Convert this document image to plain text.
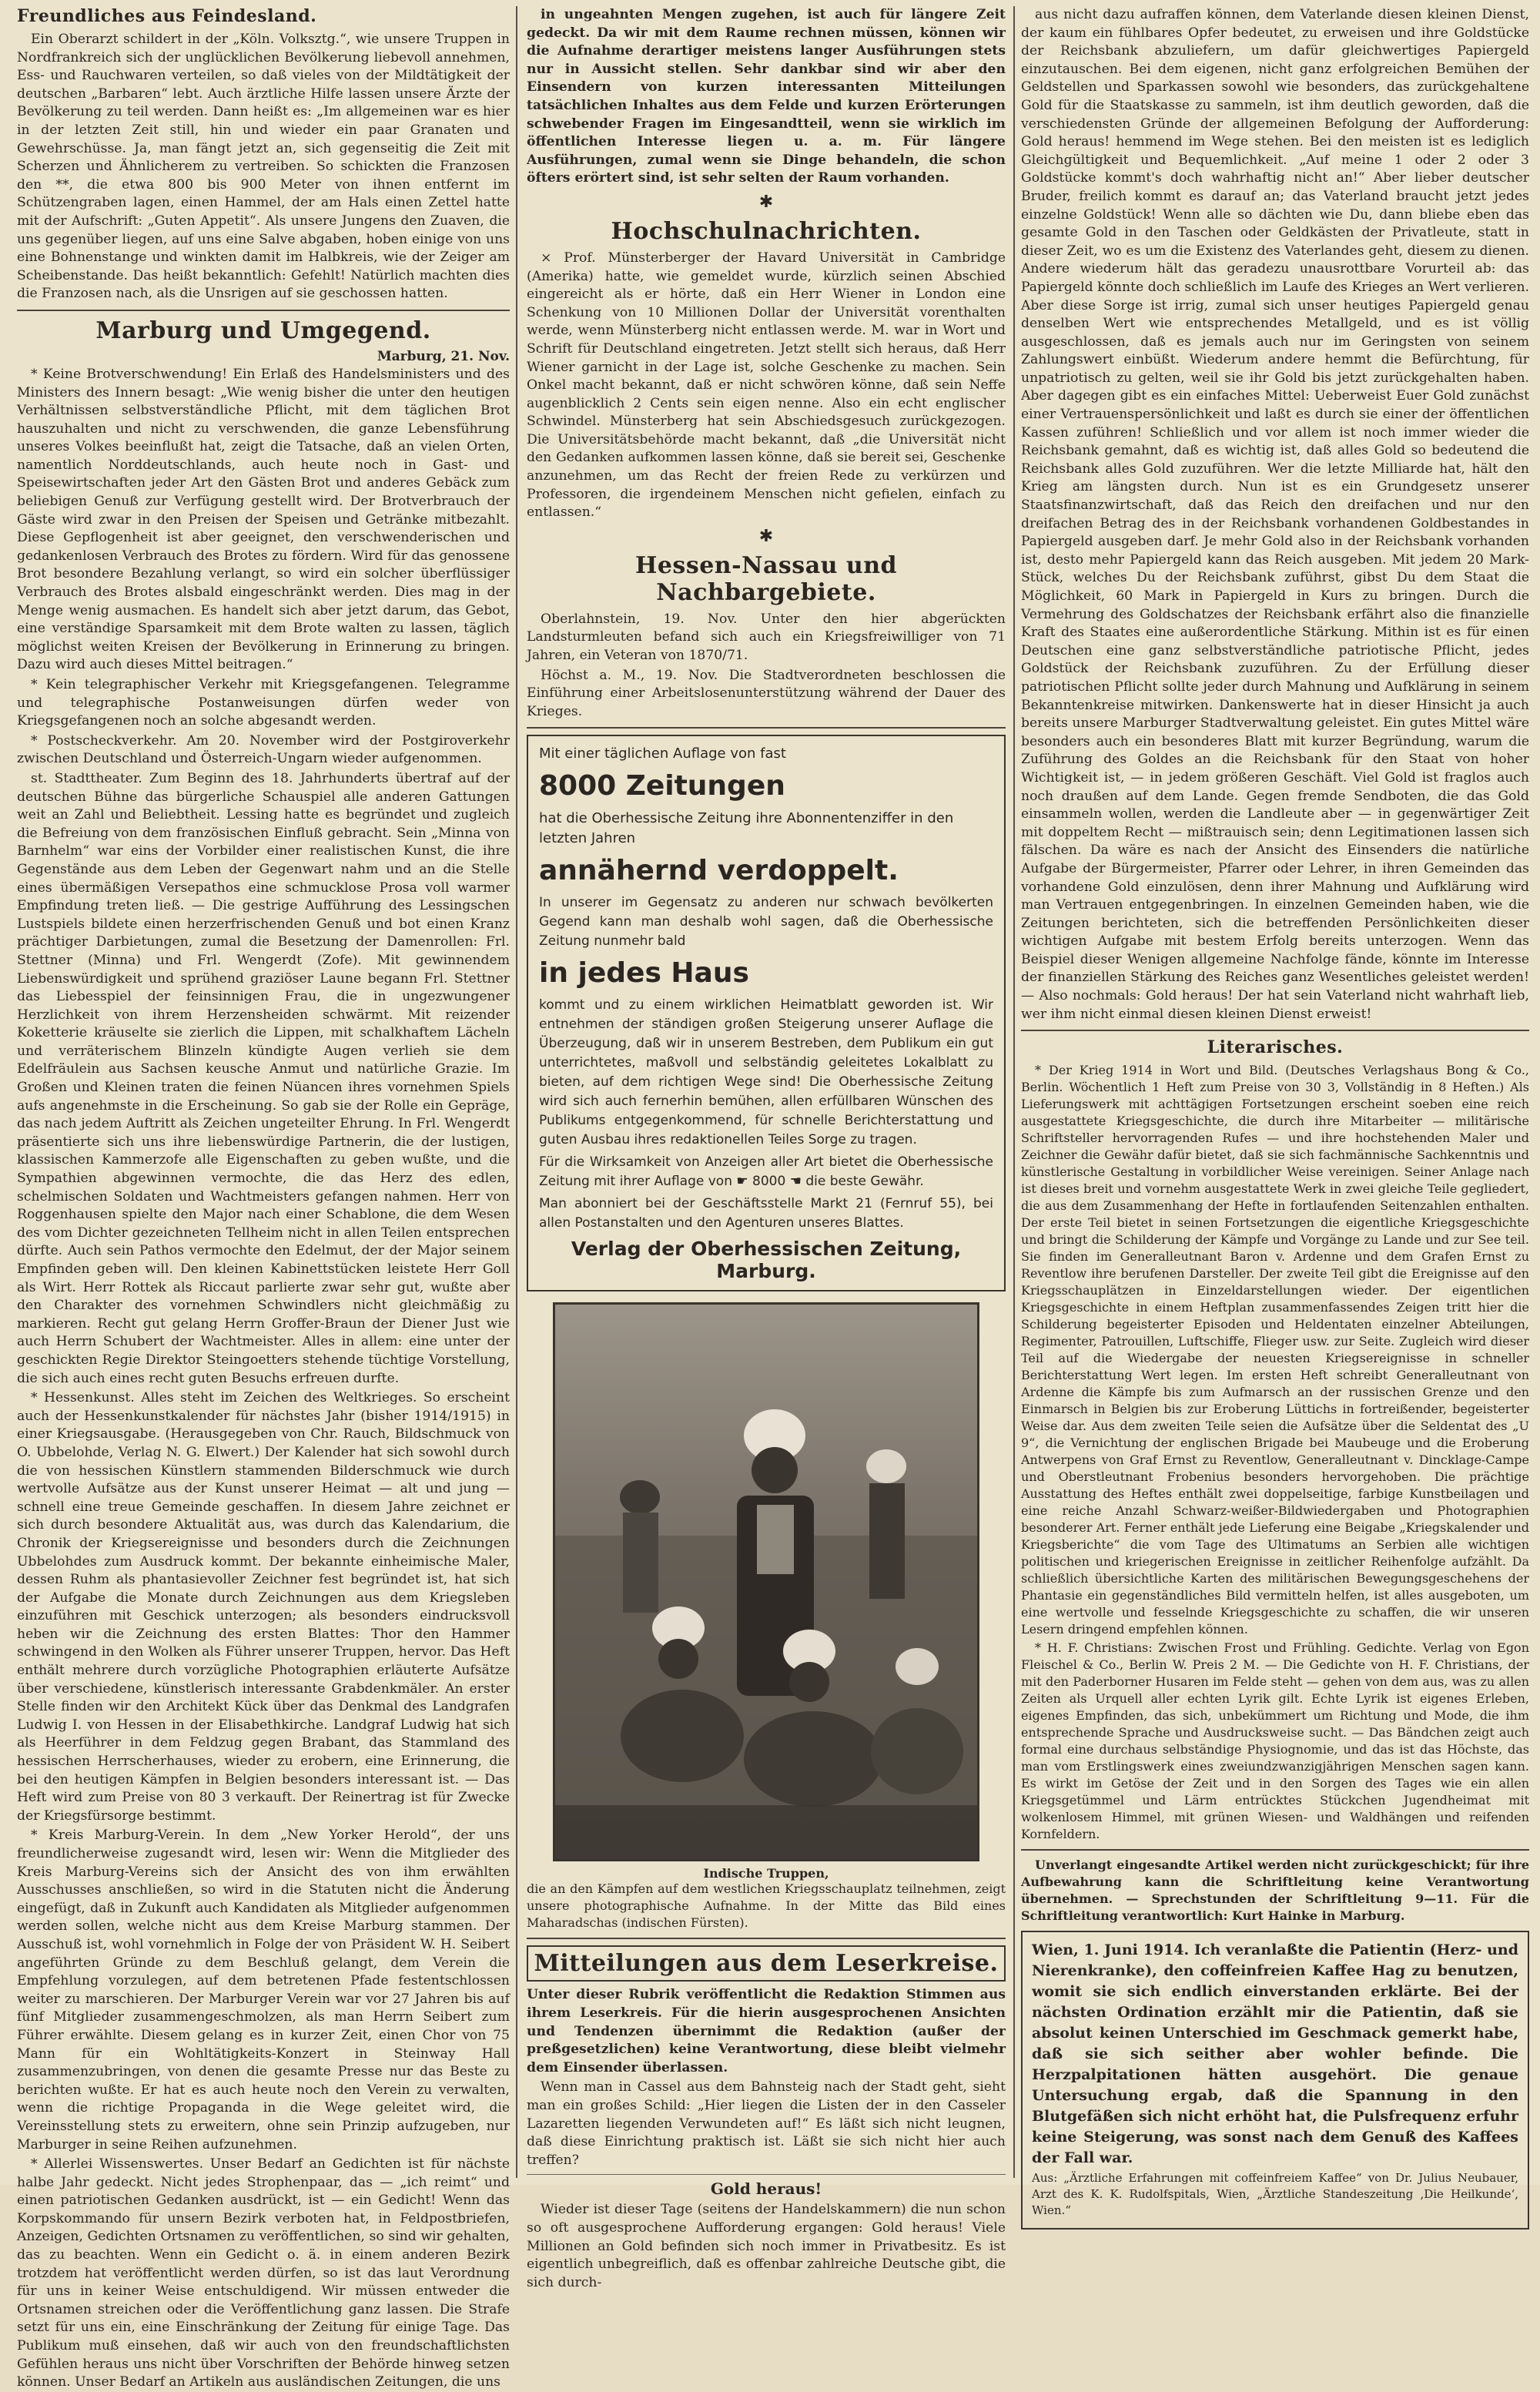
Freundliches aus Feindesland.

Ein Oberarzt schildert in der „Köln. Volksztg.“, wie unsere Truppen in Nordfrankreich sich der unglücklichen Bevölkerung liebevoll annehmen, Ess- und Rauchwaren verteilen, so daß vieles von der Mildtätigkeit der deutschen „Barbaren“ lebt. Auch ärztliche Hilfe lassen unsere Ärzte der Bevölkerung zu teil werden. Dann heißt es: „Im allgemeinen war es hier in der letzten Zeit still, hin und wieder ein paar Granaten und Gewehrschüsse. Ja, man fängt jetzt an, sich gegenseitig die Zeit mit Scherzen und Ähnlicherem zu vertreiben. So schickten die Franzosen den **, die etwa 800 bis 900 Meter von ihnen entfernt im Schützengraben lagen, einen Hammel, der am Hals einen Zettel hatte mit der Aufschrift: „Guten Appetit“. Als unsere Jungens den Zuaven, die uns gegenüber liegen, auf uns eine Salve abgaben, hoben einige von uns eine Bohnenstange und winkten damit im Halbkreis, wie der Zeiger am Scheibenstande. Das heißt bekanntlich: Gefehlt! Natürlich machten dies die Franzosen nach, als die Unsrigen auf sie geschossen hatten.

Marburg und Umgegend.
Marburg, 21. Nov.

* Keine Brotverschwendung! Ein Erlaß des Handelsministers und des Ministers des Innern besagt: „Wie wenig bisher die unter den heutigen Verhältnissen selbstverständliche Pflicht, mit dem täglichen Brot hauszuhalten und nicht zu verschwenden, die ganze Lebensführung unseres Volkes beeinflußt hat, zeigt die Tatsache, daß an vielen Orten, namentlich Norddeutschlands, auch heute noch in Gast- und Speisewirtschaften jeder Art den Gästen Brot und anderes Gebäck zum beliebigen Genuß zur Verfügung gestellt wird. Der Brotverbrauch der Gäste wird zwar in den Preisen der Speisen und Getränke mitbezahlt. Diese Gepflogenheit ist aber geeignet, den verschwenderischen und gedankenlosen Verbrauch des Brotes zu fördern. Wird für das genossene Brot besondere Bezahlung verlangt, so wird ein solcher überflüssiger Verbrauch des Brotes alsbald eingeschränkt werden. Dies mag in der Menge wenig ausmachen. Es handelt sich aber jetzt darum, das Gebot, eine verständige Sparsamkeit mit dem Brote walten zu lassen, täglich möglichst weiten Kreisen der Bevölkerung in Erinnerung zu bringen. Dazu wird auch dieses Mittel beitragen.“

* Kein telegraphischer Verkehr mit Kriegsgefangenen. Telegramme und telegraphische Postanweisungen dürfen weder von Kriegsgefangenen noch an solche abgesandt werden.

* Postscheckverkehr. Am 20. November wird der Postgiroverkehr zwischen Deutschland und Österreich-Ungarn wieder aufgenommen.

st. Stadttheater. Zum Beginn des 18. Jahrhunderts übertraf auf der deutschen Bühne das bürgerliche Schauspiel alle anderen Gattungen weit an Zahl und Beliebtheit. Lessing hatte es begründet und zugleich die Befreiung von dem französischen Einfluß gebracht. Sein „Minna von Barnhelm“ war eins der Vorbilder einer realistischen Kunst, die ihre Gegenstände aus dem Leben der Gegenwart nahm und an die Stelle eines übermäßigen Versepathos eine schmucklose Prosa voll warmer Empfindung treten ließ. — Die gestrige Aufführung des Lessingschen Lustspiels bildete einen herzerfrischenden Genuß und bot einen Kranz prächtiger Darbietungen, zumal die Besetzung der Damenrollen: Frl. Stettner (Minna) und Frl. Wengerdt (Zofe). Mit gewinnendem Liebenswürdigkeit und sprühend graziöser Laune begann Frl. Stettner das Liebesspiel der feinsinnigen Frau, die in ungezwungener Herzlichkeit von ihrem Herzensheiden schwärmt. Mit reizender Koketterie kräuselte sie zierlich die Lippen, mit schalkhaftem Lächeln und verräterischem Blinzeln kündigte Augen verlieh sie dem Edelfräulein aus Sachsen keusche Anmut und natürliche Grazie. Im Großen und Kleinen traten die feinen Nüancen ihres vornehmen Spiels aufs angenehmste in die Erscheinung. So gab sie der Rolle ein Gepräge, das nach jedem Auftritt als Zeichen ungeteilter Ehrung. In Frl. Wengerdt präsentierte sich uns ihre liebenswürdige Partnerin, die der lustigen, klassischen Kammerzofe alle Eigenschaften zu geben wußte, und die Sympathien abgewinnen vermochte, die das Herz des edlen, schelmischen Soldaten und Wachtmeisters gefangen nahmen. Herr von Roggenhausen spielte den Major nach einer Schablone, die dem Wesen des vom Dichter gezeichneten Tellheim nicht in allen Teilen entsprechen dürfte. Auch sein Pathos vermochte den Edelmut, der der Major seinem Empfinden geben will. Den kleinen Kabinettstücken leistete Herr Goll als Wirt. Herr Rottek als Riccaut parlierte zwar sehr gut, wußte aber den Charakter des vornehmen Schwindlers nicht gleichmäßig zu markieren. Recht gut gelang Herrn Groffer-Braun der Diener Just wie auch Herrn Schubert der Wachtmeister. Alles in allem: eine unter der geschickten Regie Direktor Steingoetters stehende tüchtige Vorstellung, die sich auch eines recht guten Besuchs erfreuen durfte.

* Hessenkunst. Alles steht im Zeichen des Weltkrieges. So erscheint auch der Hessenkunstkalender für nächstes Jahr (bisher 1914/1915) in einer Kriegsausgabe. (Herausgegeben von Chr. Rauch, Bildschmuck von O. Ubbelohde, Verlag N. G. Elwert.) Der Kalender hat sich sowohl durch die von hessischen Künstlern stammenden Bilderschmuck wie durch wertvolle Aufsätze aus der Kunst unserer Heimat — alt und jung — schnell eine treue Gemeinde geschaffen. In diesem Jahre zeichnet er sich durch besondere Aktualität aus, was durch das Kalendarium, die Chronik der Kriegsereignisse und besonders durch die Zeichnungen Ubbelohdes zum Ausdruck kommt. Der bekannte einheimische Maler, dessen Ruhm als phantasievoller Zeichner fest begründet ist, hat sich der Aufgabe die Monate durch Zeichnungen aus dem Kriegsleben einzuführen mit Geschick unterzogen; als besonders eindrucksvoll heben wir die Zeichnung des ersten Blattes: Thor den Hammer schwingend in den Wolken als Führer unserer Truppen, hervor. Das Heft enthält mehrere durch vorzügliche Photographien erläuterte Aufsätze über verschiedene, künstlerisch interessante Grabdenkmäler. An erster Stelle finden wir den Architekt Kück über das Denkmal des Landgrafen Ludwig I. von Hessen in der Elisabethkirche. Landgraf Ludwig hat sich als Heerführer in dem Feldzug gegen Brabant, das Stammland des hessischen Herrscherhauses, wieder zu erobern, eine Erinnerung, die bei den heutigen Kämpfen in Belgien besonders interessant ist. — Das Heft wird zum Preise von 80 3 verkauft. Der Reinertrag ist für Zwecke der Kriegsfürsorge bestimmt.

* Kreis Marburg-Verein. In dem „New Yorker Herold“, der uns freundlicherweise zugesandt wird, lesen wir: Wenn die Mitglieder des Kreis Marburg-Vereins sich der Ansicht des von ihm erwählten Ausschusses anschließen, so wird in die Statuten nicht die Änderung eingefügt, daß in Zukunft auch Kandidaten als Mitglieder aufgenommen werden sollen, welche nicht aus dem Kreise Marburg stammen. Der Ausschuß ist, wohl vornehmlich in Folge der von Präsident W. H. Seibert angeführten Gründe zu dem Beschluß gelangt, dem Verein die Empfehlung vorzulegen, auf dem betretenen Pfade festentschlossen weiter zu marschieren. Der Marburger Verein war vor 27 Jahren bis auf fünf Mitglieder zusammengeschmolzen, als man Herrn Seibert zum Führer erwählte. Diesem gelang es in kurzer Zeit, einen Chor von 75 Mann für ein Wohltätigkeits-Konzert in Steinway Hall zusammenzubringen, von denen die gesamte Presse nur das Beste zu berichten wußte. Er hat es auch heute noch den Verein zu verwalten, wenn die richtige Propaganda in die Wege geleitet wird, die Vereinsstellung stets zu erweitern, ohne sein Prinzip aufzugeben, nur Marburger in seine Reihen aufzunehmen.

* Allerlei Wissenswertes. Unser Bedarf an Gedichten ist für nächste halbe Jahr gedeckt. Nicht jedes Strophenpaar, das — „ich reimt“ und einen patriotischen Gedanken ausdrückt, ist — ein Gedicht! Wenn das Korpskommando für unsern Bezirk verboten hat, in Feldpostbriefen, Anzeigen, Gedichten Ortsnamen zu veröffentlichen, so sind wir gehalten, das zu beachten. Wenn ein Gedicht o. ä. in einem anderen Bezirk trotzdem hat veröffentlicht werden dürfen, so ist das laut Verordnung für uns in keiner Weise entschuldigend. Wir müssen entweder die Ortsnamen streichen oder die Veröffentlichung ganz lassen. Die Strafe setzt für uns ein, eine Einschränkung der Zeitung für einige Tage. Das Publikum muß einsehen, daß wir auch von den freundschaftlichsten Gefühlen heraus uns nicht über Vorschriften der Behörde hinweg setzen können. Unser Bedarf an Artikeln aus ausländischen Zeitungen, die uns

in ungeahnten Mengen zugehen, ist auch für längere Zeit gedeckt. Da wir mit dem Raume rechnen müssen, können wir die Aufnahme derartiger meistens langer Ausführungen stets nur in Aussicht stellen. Sehr dankbar sind wir aber den Einsendern von kurzen interessanten Mitteilungen tatsächlichen Inhaltes aus dem Felde und kurzen Erörterungen schwebender Fragen im Eingesandtteil, wenn sie wirklich im öffentlichen Interesse liegen u. a. m. Für längere Ausführungen, zumal wenn sie Dinge behandeln, die schon öfters erörtert sind, ist sehr selten der Raum vorhanden.

✱
Hochschulnachrichten.

× Prof. Münsterberger der Havard Universität in Cambridge (Amerika) hatte, wie gemeldet wurde, kürzlich seinen Abschied eingereicht als er hörte, daß ein Herr Wiener in London eine Schenkung von 10 Millionen Dollar der Universität vorenthalten werde, wenn Münsterberg nicht entlassen werde. M. war in Wort und Schrift für Deutschland eingetreten. Jetzt stellt sich heraus, daß Herr Wiener garnicht in der Lage ist, solche Geschenke zu machen. Sein Onkel macht bekannt, daß er nicht schwören könne, daß sein Neffe augenblicklich 2 Cents sein eigen nenne. Also ein echt englischer Schwindel. Münsterberg hat sein Abschiedsgesuch zurückgezogen. Die Universitätsbehörde macht bekannt, daß „die Universität nicht den Gedanken aufkommen lassen könne, daß sie bereit sei, Geschenke anzunehmen, um das Recht der freien Rede zu verkürzen und Professoren, die irgendeinem Menschen nicht gefielen, einfach zu entlassen.“

✱
Hessen-Nassau und Nachbargebiete.

Oberlahnstein, 19. Nov. Unter den hier abgerückten Landsturmleuten befand sich auch ein Kriegsfreiwilliger von 71 Jahren, ein Veteran von 1870/71.

Höchst a. M., 19. Nov. Die Stadtverordneten beschlossen die Einführung einer Arbeitslosenunterstützung während der Dauer des Krieges.

Mit einer täglichen Auflage von fast
8000 Zeitungen
hat die Oberhessische Zeitung ihre Abonnentenziffer in den letzten Jahren
annähernd verdoppelt.
In unserer im Gegensatz zu anderen nur schwach bevölkerten Gegend kann man deshalb wohl sagen, daß die Oberhessische Zeitung nunmehr bald
in jedes Haus
kommt und zu einem wirklichen Heimatblatt geworden ist. Wir entnehmen der ständigen großen Steigerung unserer Auflage die Überzeugung, daß wir in unserem Bestreben, dem Publikum ein gut unterrichtetes, maßvoll und selbständig geleitetes Lokalblatt zu bieten, auf dem richtigen Wege sind! Die Oberhessische Zeitung wird sich auch fernerhin bemühen, allen erfüllbaren Wünschen des Publikums entgegenkommend, für schnelle Berichterstattung und guten Ausbau ihres redaktionellen Teiles Sorge zu tragen.
Für die Wirksamkeit von Anzeigen aller Art bietet die Oberhessische Zeitung mit ihrer Auflage von ☛ 8000 ☚ die beste Gewähr.
Man abonniert bei der Geschäftsstelle Markt 21 (Fernruf 55), bei allen Postanstalten und den Agenturen unseres Blattes.
Verlag der Oberhessischen Zeitung, Marburg.
Indische Truppen,
die an den Kämpfen auf dem westlichen Kriegsschauplatz teilnehmen, zeigt unsere photographische Aufnahme. In der Mitte das Bild eines Maharadschas (indischen Fürsten).
Mitteilungen aus dem Leserkreise.

Unter dieser Rubrik veröffentlicht die Redaktion Stimmen aus ihrem Leserkreis. Für die hierin ausgesprochenen Ansichten und Tendenzen übernimmt die Redaktion (außer der preßgesetzlichen) keine Verantwortung, diese bleibt vielmehr dem Einsender überlassen.

Wenn man in Cassel aus dem Bahnsteig nach der Stadt geht, sieht man ein großes Schild: „Hier liegen die Listen der in den Casseler Lazaretten liegenden Verwundeten auf!“ Es läßt sich nicht leugnen, daß diese Einrichtung praktisch ist. Läßt sie sich nicht hier auch treffen?

Gold heraus!

Wieder ist dieser Tage (seitens der Handelskammern) die nun schon so oft ausgesprochene Aufforderung ergangen: Gold heraus! Viele Millionen an Gold befinden sich noch immer in Privatbesitz. Es ist eigentlich unbegreiflich, daß es offenbar zahlreiche Deutsche gibt, die sich durch-

aus nicht dazu aufraffen können, dem Vaterlande diesen kleinen Dienst, der kaum ein fühlbares Opfer bedeutet, zu erweisen und ihre Goldstücke der Reichsbank abzuliefern, um dafür gleichwertiges Papiergeld einzutauschen. Bei dem eigenen, nicht ganz erfolgreichen Bemühen der Geldstellen und Sparkassen sowohl wie besonders, das zurückgehaltene Gold für die Staatskasse zu sammeln, ist ihm deutlich geworden, daß die verschiedensten Gründe der allgemeinen Befolgung der Aufforderung: Gold heraus! hemmend im Wege stehen. Bei den meisten ist es lediglich Gleichgültigkeit und Bequemlichkeit. „Auf meine 1 oder 2 oder 3 Goldstücke kommt's doch wahrhaftig nicht an!“ Aber lieber deutscher Bruder, freilich kommt es darauf an; das Vaterland braucht jetzt jedes einzelne Goldstück! Wenn alle so dächten wie Du, dann bliebe eben das gesamte Gold in den Taschen oder Geldkästen der Privatleute, statt in dieser Zeit, wo es um die Existenz des Vaterlandes geht, diesem zu dienen. Andere wiederum hält das geradezu unausrottbare Vorurteil ab: das Papiergeld könnte doch schließlich im Laufe des Krieges an Wert verlieren. Aber diese Sorge ist irrig, zumal sich unser heutiges Papiergeld genau denselben Wert wie entsprechendes Metallgeld, und es ist völlig ausgeschlossen, daß es jemals auch nur im Geringsten von seinem Zahlungswert einbüßt. Wiederum andere hemmt die Befürchtung, für unpatriotisch zu gelten, weil sie ihr Gold bis jetzt zurückgehalten haben. Aber dagegen gibt es ein einfaches Mittel: Ueberweist Euer Gold zunächst einer Vertrauenspersönlichkeit und laßt es durch sie einer der öffentlichen Kassen zuführen! Schließlich und vor allem ist noch immer wieder die Reichsbank gemahnt, daß es wichtig ist, daß alles Gold so bedeutend die Reichsbank alles Gold zuzuführen. Wer die letzte Milliarde hat, hält den Krieg am längsten durch. Nun ist es ein Grundgesetz unserer Staatsfinanzwirtschaft, daß das Reich den dreifachen und nur den dreifachen Betrag des in der Reichsbank vorhandenen Goldbestandes in Papiergeld ausgeben darf. Je mehr Gold also in der Reichsbank vorhanden ist, desto mehr Papiergeld kann das Reich ausgeben. Mit jedem 20 Mark-Stück, welches Du der Reichsbank zuführst, gibst Du dem Staat die Möglichkeit, 60 Mark in Papiergeld in Kurs zu bringen. Durch die Vermehrung des Goldschatzes der Reichsbank erfährt also die finanzielle Kraft des Staates eine außerordentliche Stärkung. Mithin ist es für einen Deutschen eine ganz selbstverständliche patriotische Pflicht, jedes Goldstück der Reichsbank zuzuführen. Zu der Erfüllung dieser patriotischen Pflicht sollte jeder durch Mahnung und Aufklärung in seinem Bekanntenkreise mitwirken. Dankenswerte hat in dieser Hinsicht ja auch bereits unsere Marburger Stadtverwaltung geleistet. Ein gutes Mittel wäre besonders auch ein besonderes Blatt mit kurzer Begründung, warum die Zuführung des Goldes an die Reichsbank für den Staat von hoher Wichtigkeit ist, — in jedem größeren Geschäft. Viel Gold ist fraglos auch noch draußen auf dem Lande. Gegen fremde Sendboten, die das Gold einsammeln wollen, werden die Landleute aber — in gegenwärtiger Zeit mit doppeltem Recht — mißtrauisch sein; denn Legitimationen lassen sich fälschen. Da wäre es nach der Ansicht des Einsenders die natürliche Aufgabe der Bürgermeister, Pfarrer oder Lehrer, in ihren Gemeinden das vorhandene Gold einzulösen, denn ihrer Mahnung und Aufklärung wird man Vertrauen entgegenbringen. In einzelnen Gemeinden haben, wie die Zeitungen berichteten, sich die betreffenden Persönlichkeiten dieser wichtigen Aufgabe mit bestem Erfolg bereits unterzogen. Wenn das Beispiel dieser Wenigen allgemeine Nachfolge fände, könnte im Interesse der finanziellen Stärkung des Reiches ganz Wesentliches geleistet werden! — Also nochmals: Gold heraus! Der hat sein Vaterland nicht wahrhaft lieb, wer ihm nicht einmal diesen kleinen Dienst erweist!

Literarisches.

* Der Krieg 1914 in Wort und Bild. (Deutsches Verlagshaus Bong & Co., Berlin. Wöchentlich 1 Heft zum Preise von 30 3, Vollständig in 8 Heften.) Als Lieferungswerk mit achttägigen Fortsetzungen erscheint soeben eine reich ausgestattete Kriegsgeschichte, die durch ihre Mitarbeiter — militärische Schriftsteller hervorragenden Rufes — und ihre hochstehenden Maler und Zeichner die Gewähr dafür bietet, daß sie sich fachmännische Sachkenntnis und künstlerische Gestaltung in vorbildlicher Weise vereinigen. Seiner Anlage nach ist dieses breit und vornehm ausgestattete Werk in zwei gleiche Teile gegliedert, die aus dem Zusammenhang der Hefte in fortlaufenden Seitenzahlen enthalten. Der erste Teil bietet in seinen Fortsetzungen die eigentliche Kriegsgeschichte und bringt die Schilderung der Kämpfe und Vorgänge zu Lande und zur See teil. Sie finden im Generalleutnant Baron v. Ardenne und dem Grafen Ernst zu Reventlow ihre berufenen Darsteller. Der zweite Teil gibt die Ereignisse auf den Kriegsschauplätzen in Einzeldarstellungen wieder. Der eigentlichen Kriegsgeschichte in einem Heftplan zusammenfassendes Zeigen tritt hier die Schilderung begeisterter Episoden und Heldentaten einzelner Abteilungen, Regimenter, Patrouillen, Luftschiffe, Flieger usw. zur Seite. Zugleich wird dieser Teil auf die Wiedergabe der neuesten Kriegsereignisse in schneller Berichterstattung Wert legen. Im ersten Heft schreibt Generalleutnant von Ardenne die Kämpfe bis zum Aufmarsch an der russischen Grenze und den Einmarsch in Belgien bis zur Eroberung Lüttichs in fortreißender, begeisterter Weise dar. Aus dem zweiten Teile seien die Aufsätze über die Seldentat des „U 9“, die Vernichtung der englischen Brigade bei Maubeuge und die Eroberung Antwerpens von Graf Ernst zu Reventlow, Generalleutnant v. Dincklage-Campe und Oberstleutnant Frobenius besonders hervorgehoben. Die prächtige Ausstattung des Heftes enthält zwei doppelseitige, farbige Kunstbeilagen und eine reiche Anzahl Schwarz-weißer-Bildwiedergaben und Photographien besonderer Art. Ferner enthält jede Lieferung eine Beigabe „Kriegskalender und Kriegsberichte“ die vom Tage des Ultimatums an Serbien alle wichtigen politischen und kriegerischen Ereignisse in zeitlicher Reihenfolge aufzählt. Da schließlich übersichtliche Karten des militärischen Bewegungsgeschehens der Phantasie ein gegenständliches Bild vermitteln helfen, ist alles ausgeboten, um eine wertvolle und fesselnde Kriegsgeschichte zu schaffen, die wir unseren Lesern dringend empfehlen können.

* H. F. Christians: Zwischen Frost und Frühling. Gedichte. Verlag von Egon Fleischel & Co., Berlin W. Preis 2 M. — Die Gedichte von H. F. Christians, der mit den Paderborner Husaren im Felde steht — gehen von dem aus, was zu allen Zeiten als Urquell aller echten Lyrik gilt. Echte Lyrik ist eigenes Erleben, eigenes Empfinden, das sich, unbekümmert um Richtung und Mode, die ihm entsprechende Sprache und Ausdrucksweise sucht. — Das Bändchen zeigt auch formal eine durchaus selbständige Physiognomie, und das ist das Höchste, das man vom Erstlingswerk eines zweiundzwanzigjährigen Menschen sagen kann. Es wirkt im Getöse der Zeit und in den Sorgen des Tages wie ein allen Kriegsgetümmel und Lärm entrücktes Stückchen Jugendheimat mit wolkenlosem Himmel, mit grünen Wiesen- und Waldhängen und reifenden Kornfeldern.

Unverlangt eingesandte Artikel werden nicht zurückgeschickt; für ihre Aufbewahrung kann die Schriftleitung keine Verantwortung übernehmen. — Sprechstunden der Schriftleitung 9—11. Für die Schriftleitung verantwortlich: Kurt Hainke in Marburg.

Wien, 1. Juni 1914. Ich veranlaßte die Patientin (Herz- und Nierenkranke), den coffeinfreien Kaffee Hag zu benutzen, womit sie sich endlich einverstanden erklärte. Bei der nächsten Ordination erzählt mir die Patientin, daß sie absolut keinen Unterschied im Geschmack gemerkt habe, daß sie sich seither aber wohler befinde. Die Herzpalpitationen hätten ausgehört. Die genaue Untersuchung ergab, daß die Spannung in den Blutgefäßen sich nicht erhöht hat, die Pulsfrequenz erfuhr keine Steigerung, was sonst nach dem Genuß des Kaffees der Fall war.

Aus: „Ärztliche Erfahrungen mit coffeinfreiem Kaffee“ von Dr. Julius Neubauer, Arzt des K. K. Rudolfspitals, Wien, „Ärztliche Standeszeitung ‚Die Heilkunde‘, Wien.“
